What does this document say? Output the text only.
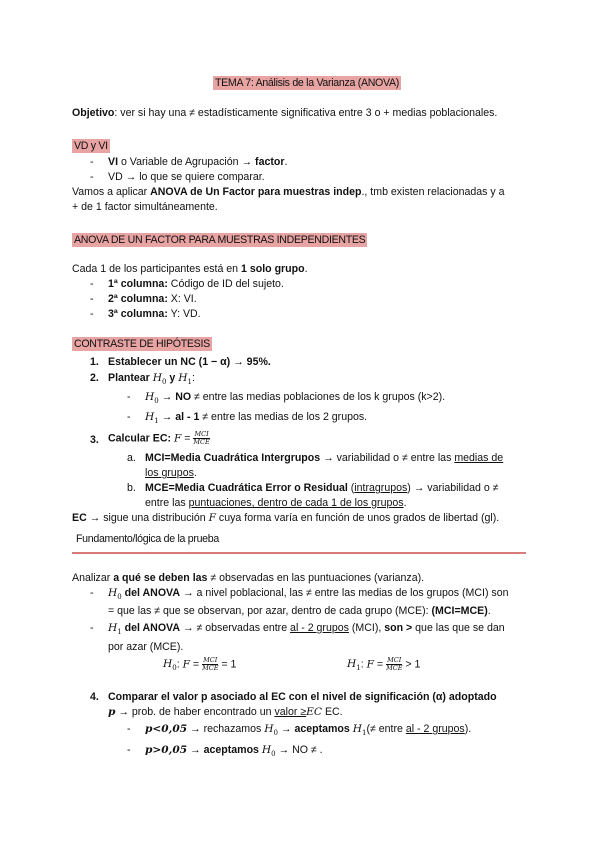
TEMA 7: Análisis de la Varianza (ANOVA)
Objetivo: ver si hay una ≠ estadísticamente significativa entre 3 o + medias poblacionales.
VD y VI
- VI o Variable de Agrupación → factor.
- VD → lo que se quiere comparar.
Vamos a aplicar ANOVA de Un Factor para muestras indep., tmb existen relacionadas y a
+ de 1 factor simultáneamente.
ANOVA DE UN FACTOR PARA MUESTRAS INDEPENDIENTES
Cada 1 de los participantes está en 1 solo grupo.
- 1ª columna: Código de ID del sujeto.
- 2ª columna: X: VI.
- 3ª columna: Y: VD.
CONTRASTE DE HIPÓTESIS
1. Establecer un NC (1 − α) → 95%.
2. Plantear $H_0$ y $H_1$:
- $H_0$ → NO ≠ entre las medias poblaciones de los k grupos (k>2).
- $H_1$ → al - 1 ≠ entre las medias de los 2 grupos.
3. Calcular EC: $F = \frac{\text{MCI}}{\text{MCE}}$
a. MCI=Media Cuadrática Intergrupos → variabilidad o ≠ entre las medias de
los grupos.
b. MCE=Media Cuadrática Error o Residual (intragrupos) → variabilidad o ≠
entre las puntuaciones, dentro de cada 1 de los grupos.
EC → sigue una distribución F cuya forma varía en función de unos grados de libertad (gl).
Fundamento/lógica de la prueba
Analizar a qué se deben las ≠ observadas en las puntuaciones (varianza).
- $H_0$ del ANOVA → a nivel poblacional, las ≠ entre las medias de los grupos (MCI) son
= que las ≠ que se observan, por azar, dentro de cada grupo (MCE): (MCI=MCE).
- $H_1$ del ANOVA → ≠ observadas entre al - 2 grupos (MCI), son > que las que se dan
por azar (MCE).
$H_0$: $F = \frac{\text{MCI}}{\text{MCE}} = 1$	$H_1$: $F = \frac{\text{MCI}}{\text{MCE}} > 1$
4. Comparar el valor p asociado al EC con el nivel de significación (α) adoptado
p → prob. de haber encontrado un valor ≥EC EC.
- p<0,05 → rechazamos $H_0$ → aceptamos $H_1(\ne$ entre al - 2 grupos).
- p>0,05 → aceptamos $H_0$ → NO ≠ .
